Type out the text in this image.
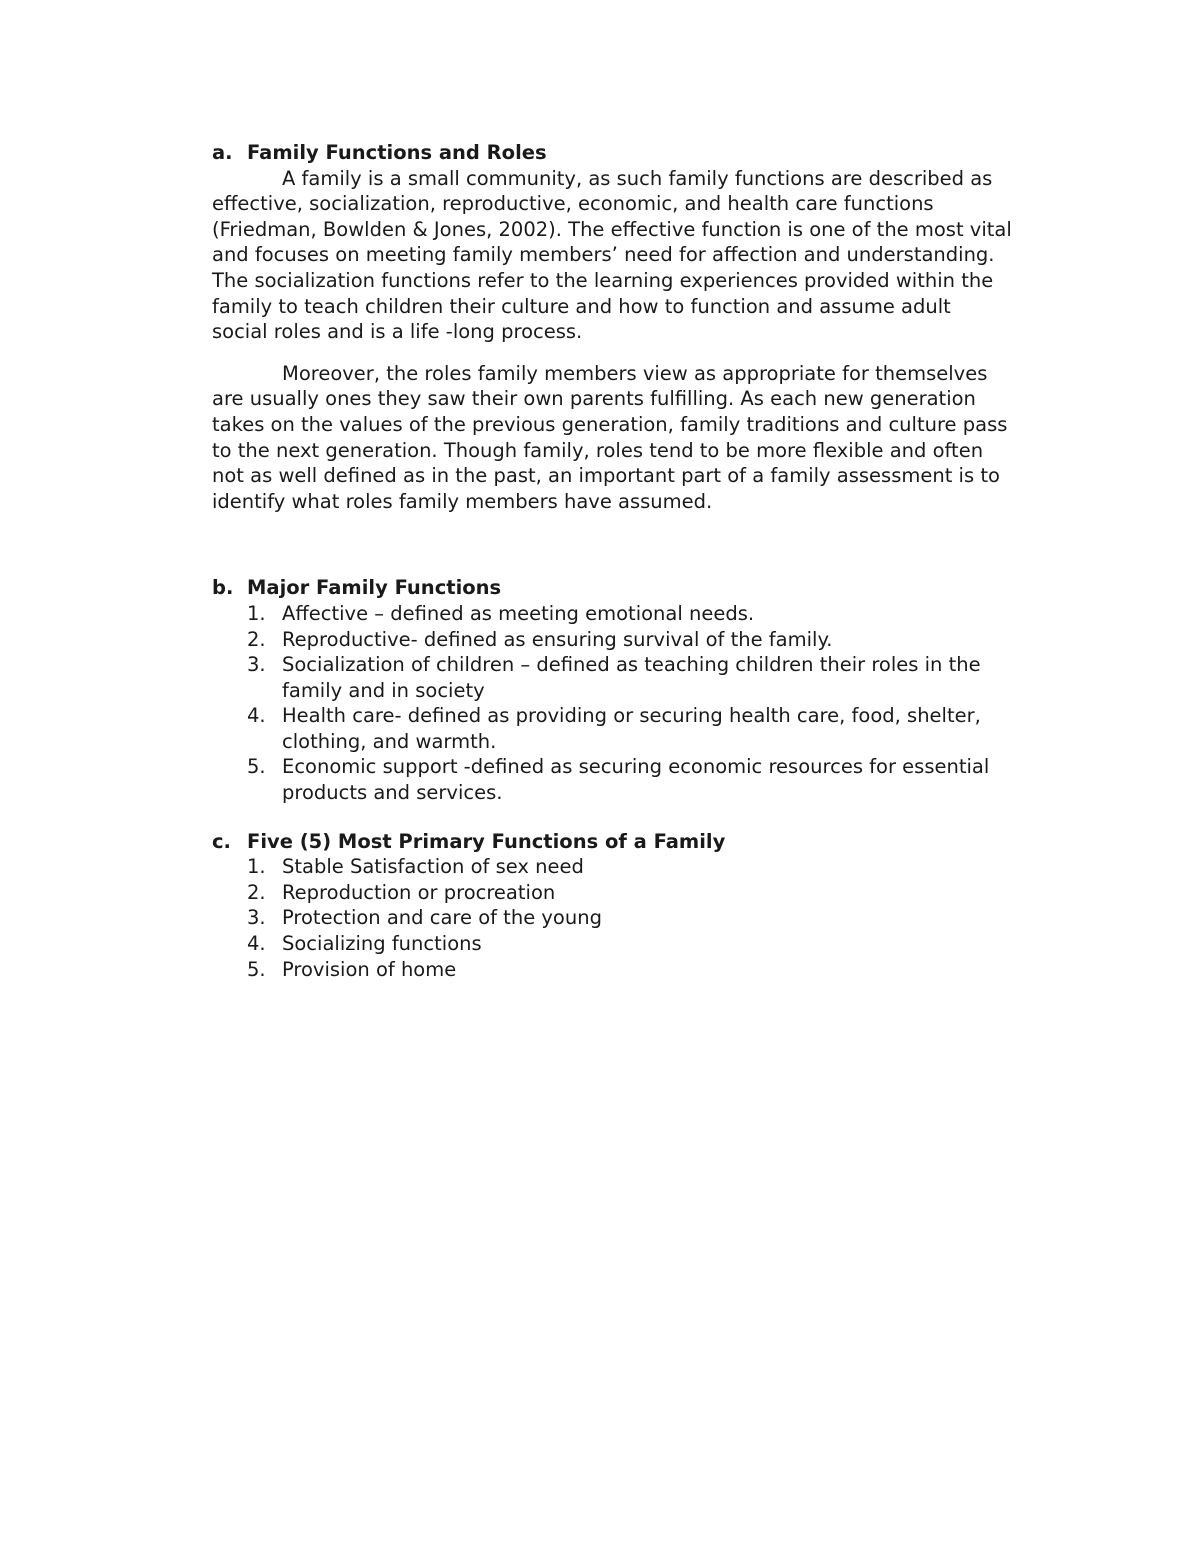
a. Family Functions and Roles

A family is a small community, as such family functions are described as effective, socialization, reproductive, economic, and health care functions (Friedman, Bowlden & Jones, 2002). The effective function is one of the most vital and focuses on meeting family members’ need for affection and understanding. The socialization functions refer to the learning experiences provided within the family to teach children their culture and how to function and assume adult social roles and is a life -long process.

Moreover, the roles family members view as appropriate for themselves are usually ones they saw their own parents fulfilling. As each new generation takes on the values of the previous generation, family traditions and culture pass to the next generation. Though family, roles tend to be more flexible and often not as well defined as in the past, an important part of a family assessment is to identify what roles family members have assumed.

b. Major Family Functions
1. Affective – defined as meeting emotional needs.
2. Reproductive- defined as ensuring survival of the family.
3. Socialization of children – defined as teaching children their roles in the family and in society
4. Health care- defined as providing or securing health care, food, shelter, clothing, and warmth.
5. Economic support -defined as securing economic resources for essential products and services.
c. Five (5) Most Primary Functions of a Family
1. Stable Satisfaction of sex need
2. Reproduction or procreation
3. Protection and care of the young
4. Socializing functions
5. Provision of home
